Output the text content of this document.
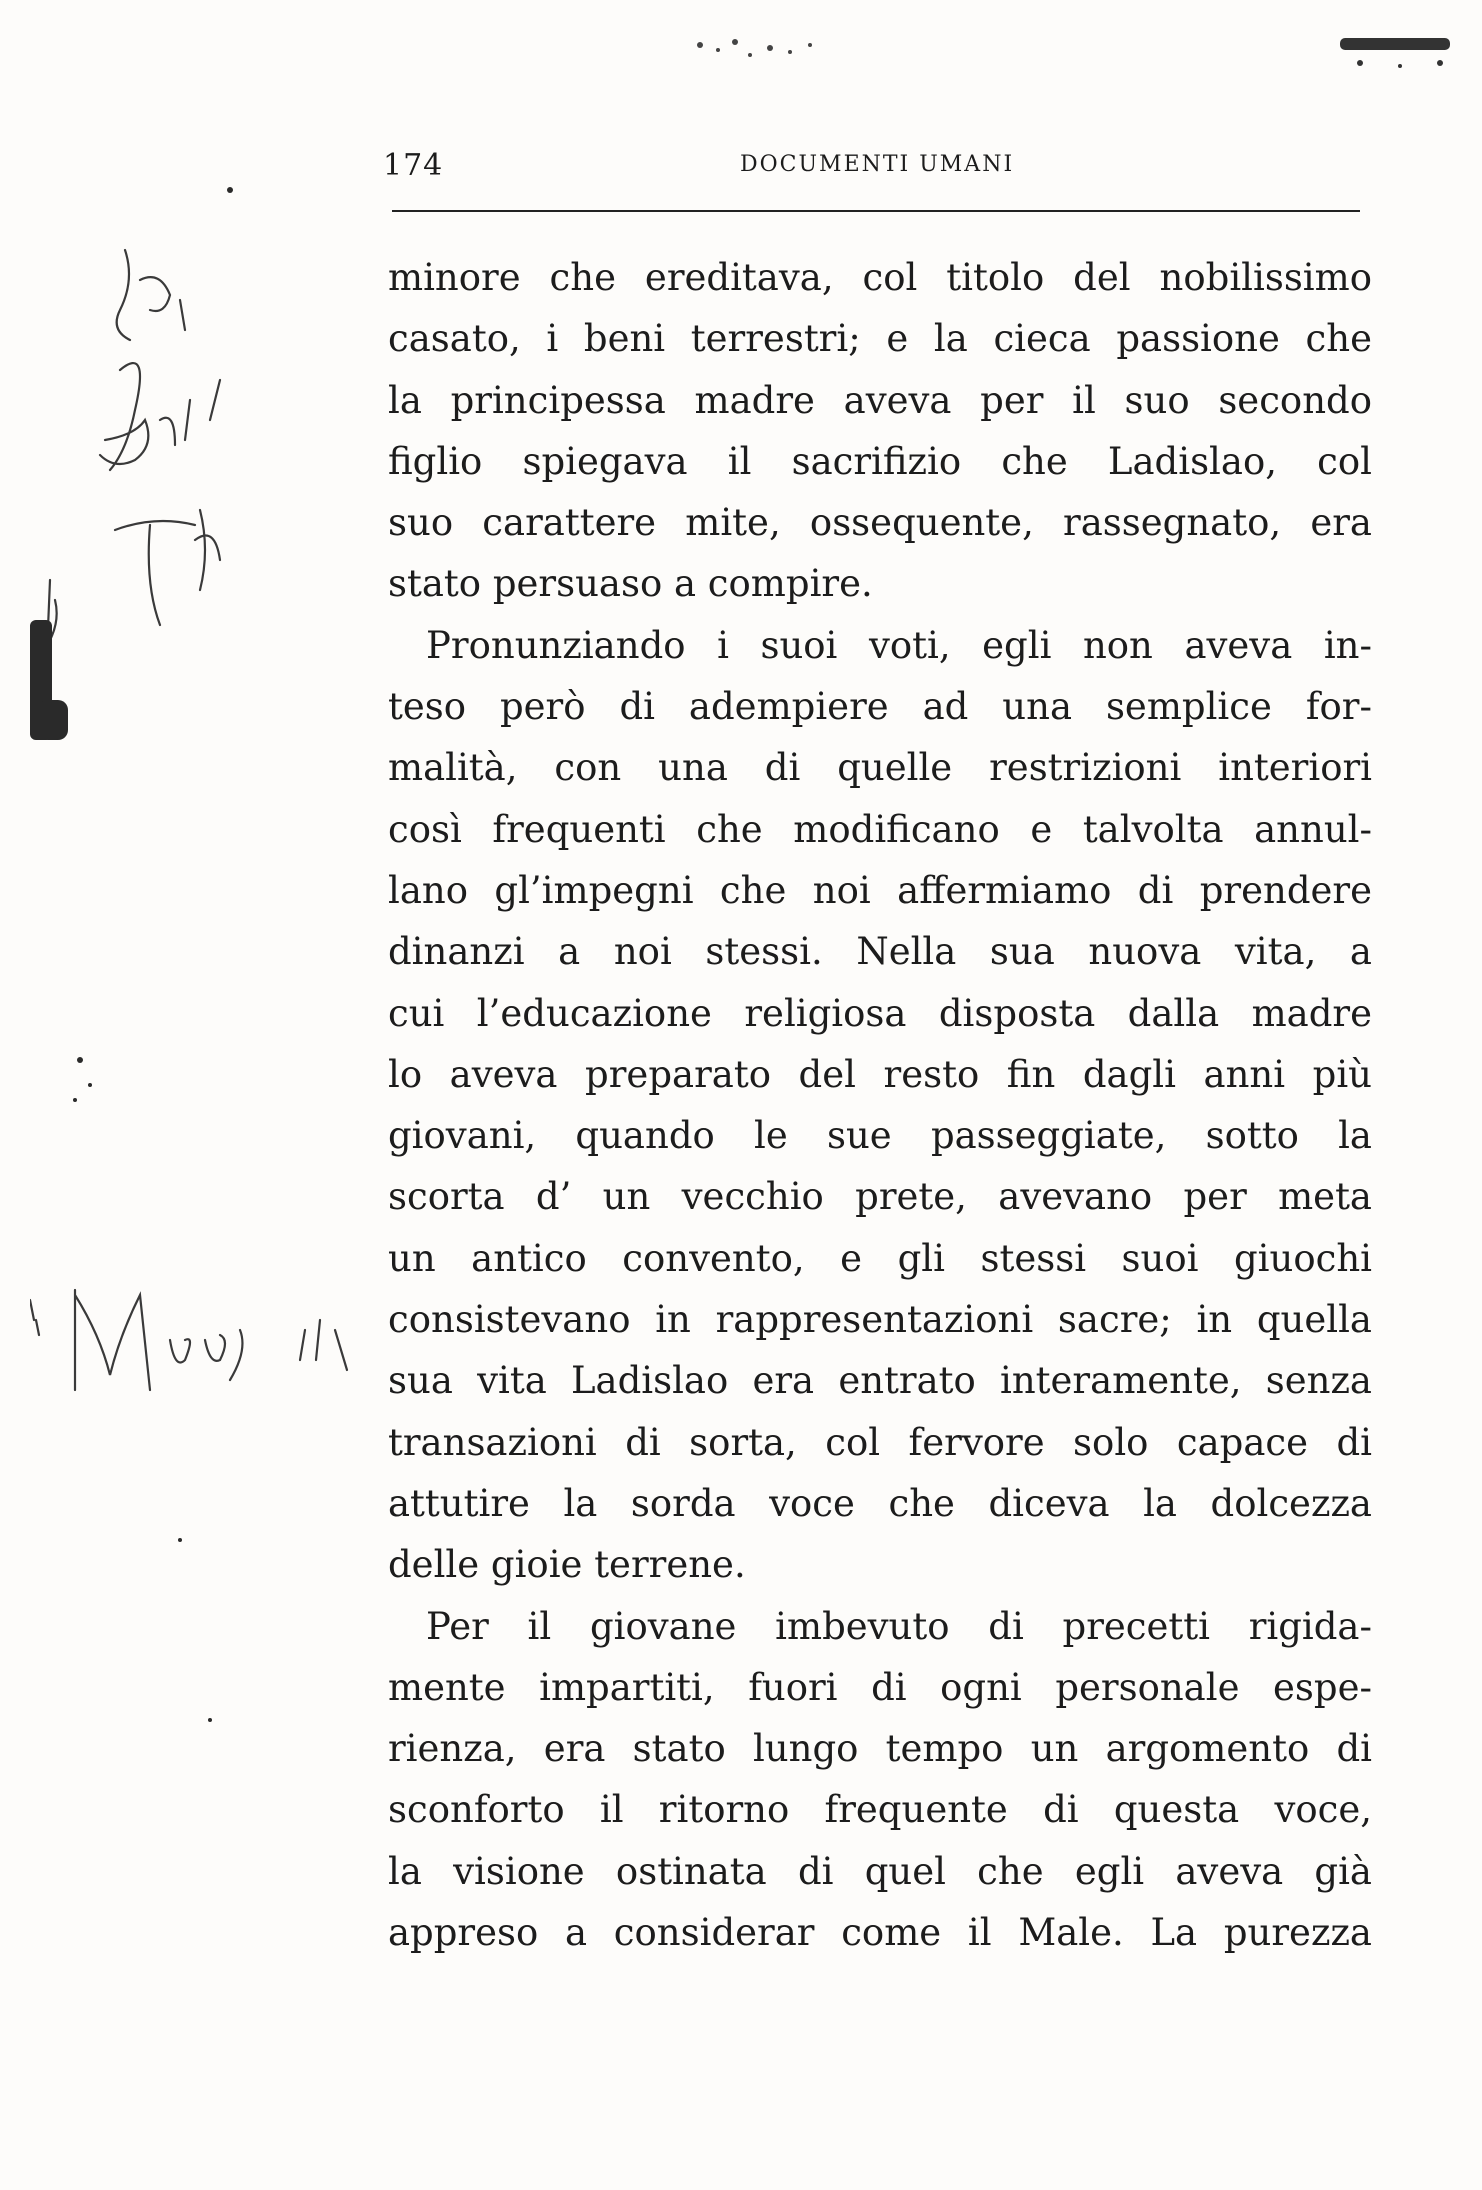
174	DOCUMENTI UMANI
minore che ereditava, col titolo del nobilissimo
casato, i beni terrestri; e la cieca passione che
la principessa madre aveva per il suo secondo
figlio spiegava il sacrifizio che Ladislao, col
suo carattere mite, ossequente, rassegnato, era
stato persuaso a compire.
Pronunziando i suoi voti, egli non aveva in-
teso però di adempiere ad una semplice for-
malità, con una di quelle restrizioni interiori
così frequenti che modificano e talvolta annul-
lano gl’impegni che noi affermiamo di prendere
dinanzi a noi stessi. Nella sua nuova vita, a
cui l’educazione religiosa disposta dalla madre
lo aveva preparato del resto fin dagli anni più
giovani, quando le sue passeggiate, sotto la
scorta d’ un vecchio prete, avevano per meta
un antico convento, e gli stessi suoi giuochi
consistevano in rappresentazioni sacre; in quella
sua vita Ladislao era entrato interamente, senza
transazioni di sorta, col fervore solo capace di
attutire la sorda voce che diceva la dolcezza
delle gioie terrene.
Per il giovane imbevuto di precetti rigida-
mente impartiti, fuori di ogni personale espe-
rienza, era stato lungo tempo un argomento di
sconforto il ritorno frequente di questa voce,
la visione ostinata di quel che egli aveva già
appreso a considerar come il Male. La purezza
